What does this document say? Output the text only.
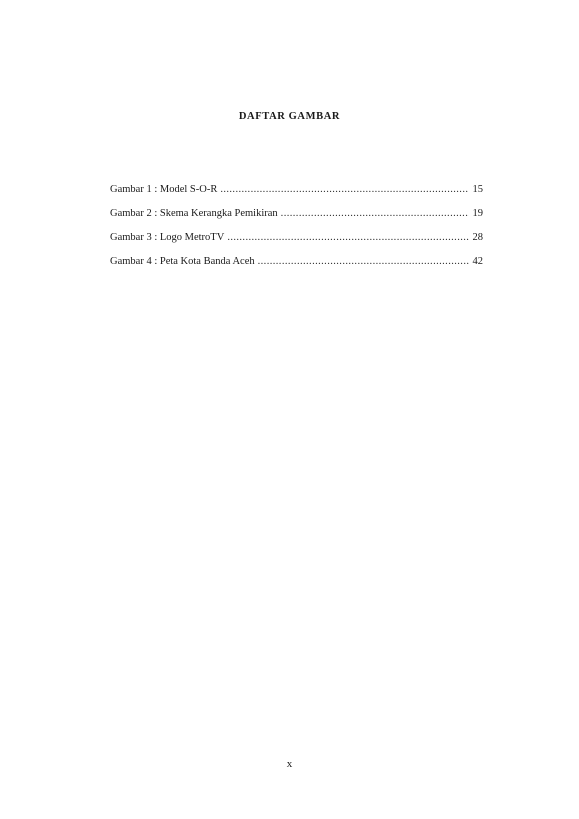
DAFTAR GAMBAR
Gambar 1 : Model S-O-R .....	15
Gambar 2 : Skema Kerangka Pemikiran .....	19
Gambar 3 : Logo MetroTV .....	28
Gambar 4 : Peta Kota Banda Aceh .....	42
x
